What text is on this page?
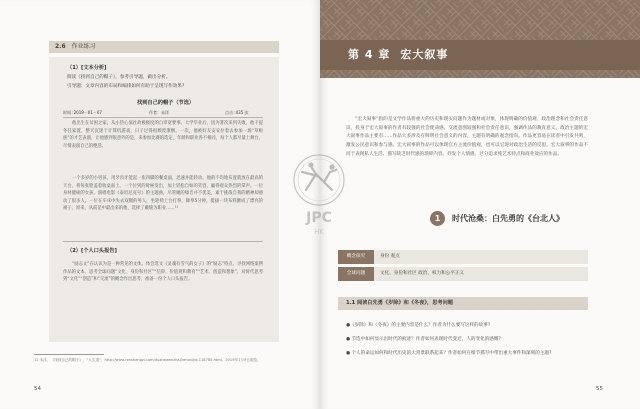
2.6 作业练习
（1）[文本分析]
阅读《找到自己的帽子》，参考引导题，做出分析。
引导题：文章内容的布局和编排如何有助于呈现写作效果?
找到自己的帽子（节选）
时间 :2019－01－07	作者：末洋	点击 :435 次
他出生在贫困之家，从小热心演社故极极度的自卑宽要事。大学毕业后，因为著次来到失败，他干提冬任家置，整天沉迷于计算机游戏，日子过得很颓废潦倒。一次，他被好友安安拉着去参加一场“草根族”的才艺表演，让他感到很意外的是，来参加比赛的选定，年龄和职业各不相同，每个人都尽量上舞台，尽情表演自己的绝活。
一个多岁的小男孩，用牙齿牙能起一张四脚的餐桌面，迅速并能转动。他的不均地布置就放在最高的天台，将每张脸盖着收桌面上。一个位到的时候发出，加上轻松自如的笑容，赢得观众热烈的掌声。一位身材健硕的女孩，演唱电影《泰坦尼克号》的主题曲，尽管她的嗓音并不优美，素于挑战自我的精神却感动了很多人。一位在车床中失去双腿的男人，坐轮椅上台打拳，舞拳5分钟，挺拔一块布料颤成了漂亮的裙子，原来，从前是中最出来的他，选择了戴缝为职业……¹¹
（2）[个人口头报告]
“励志文”在认识为是一种常见的文体。体会选文《灵魂有雪气的女子》的“励志”特点，寻找网络案例作品的文本，思考全球问题“文化、身份和社区”“信仰、价值观和教育”“艺术、创造和想象”，对时代思考到“文化”“创造”和“交流”的概念作出思考，准备一份个人口头报告。
11 末洋，《找到自己的帽子》，“人生道”，http://www.renshengzl.com/duzhewenzhai/renwu/id-118785.html，2019年1月9日浏览。
54
第 4 章 宏大叙事
“宏大叙事”指的是文学作品将重大的历史和现实问题作为题材或对象，体现明确的价值观、政治理念和社会责任意识，投身于宏大叙事的作者有较强的社会使命感、交流意图较强和社会责任意识，强调作品的教育意义。政治主题的宏大叙事作品主要有……作品大多涉及有鲜明社会意义的内容，主题有明确的观念指向。作品更容易在读者中引发共鸣，激发公民意识和参与感。宏大叙事的作品可以体现官方主流价值观，也可以呈现对政治生活的反思。宏大叙事的作品不同于表现私人生活、描写缺乏时代感的琐碎内容、抒发个人情感、过分追求纯艺术特点和商业效应的作品。
1	时代沧桑：白先勇的《台北人》
概念探究	身份 观点
全球问题	文化、身份和社区 政治、权力和公平正义
1.1 阅读白先勇《岁除》和《冬夜》，思考问题
●《岁除》和《冬夜》的主要内容是什么？作者为什么要写这样的故事?
● 节选中如何显示出时代的痕迹？作者如何表现时代变迁，人的变化的感慨?
● 个人的命运如何和时代历史的大背景联系起来？作者如何在细节描写中带出重大事件和深刻的主题?
55
JPC
HK
